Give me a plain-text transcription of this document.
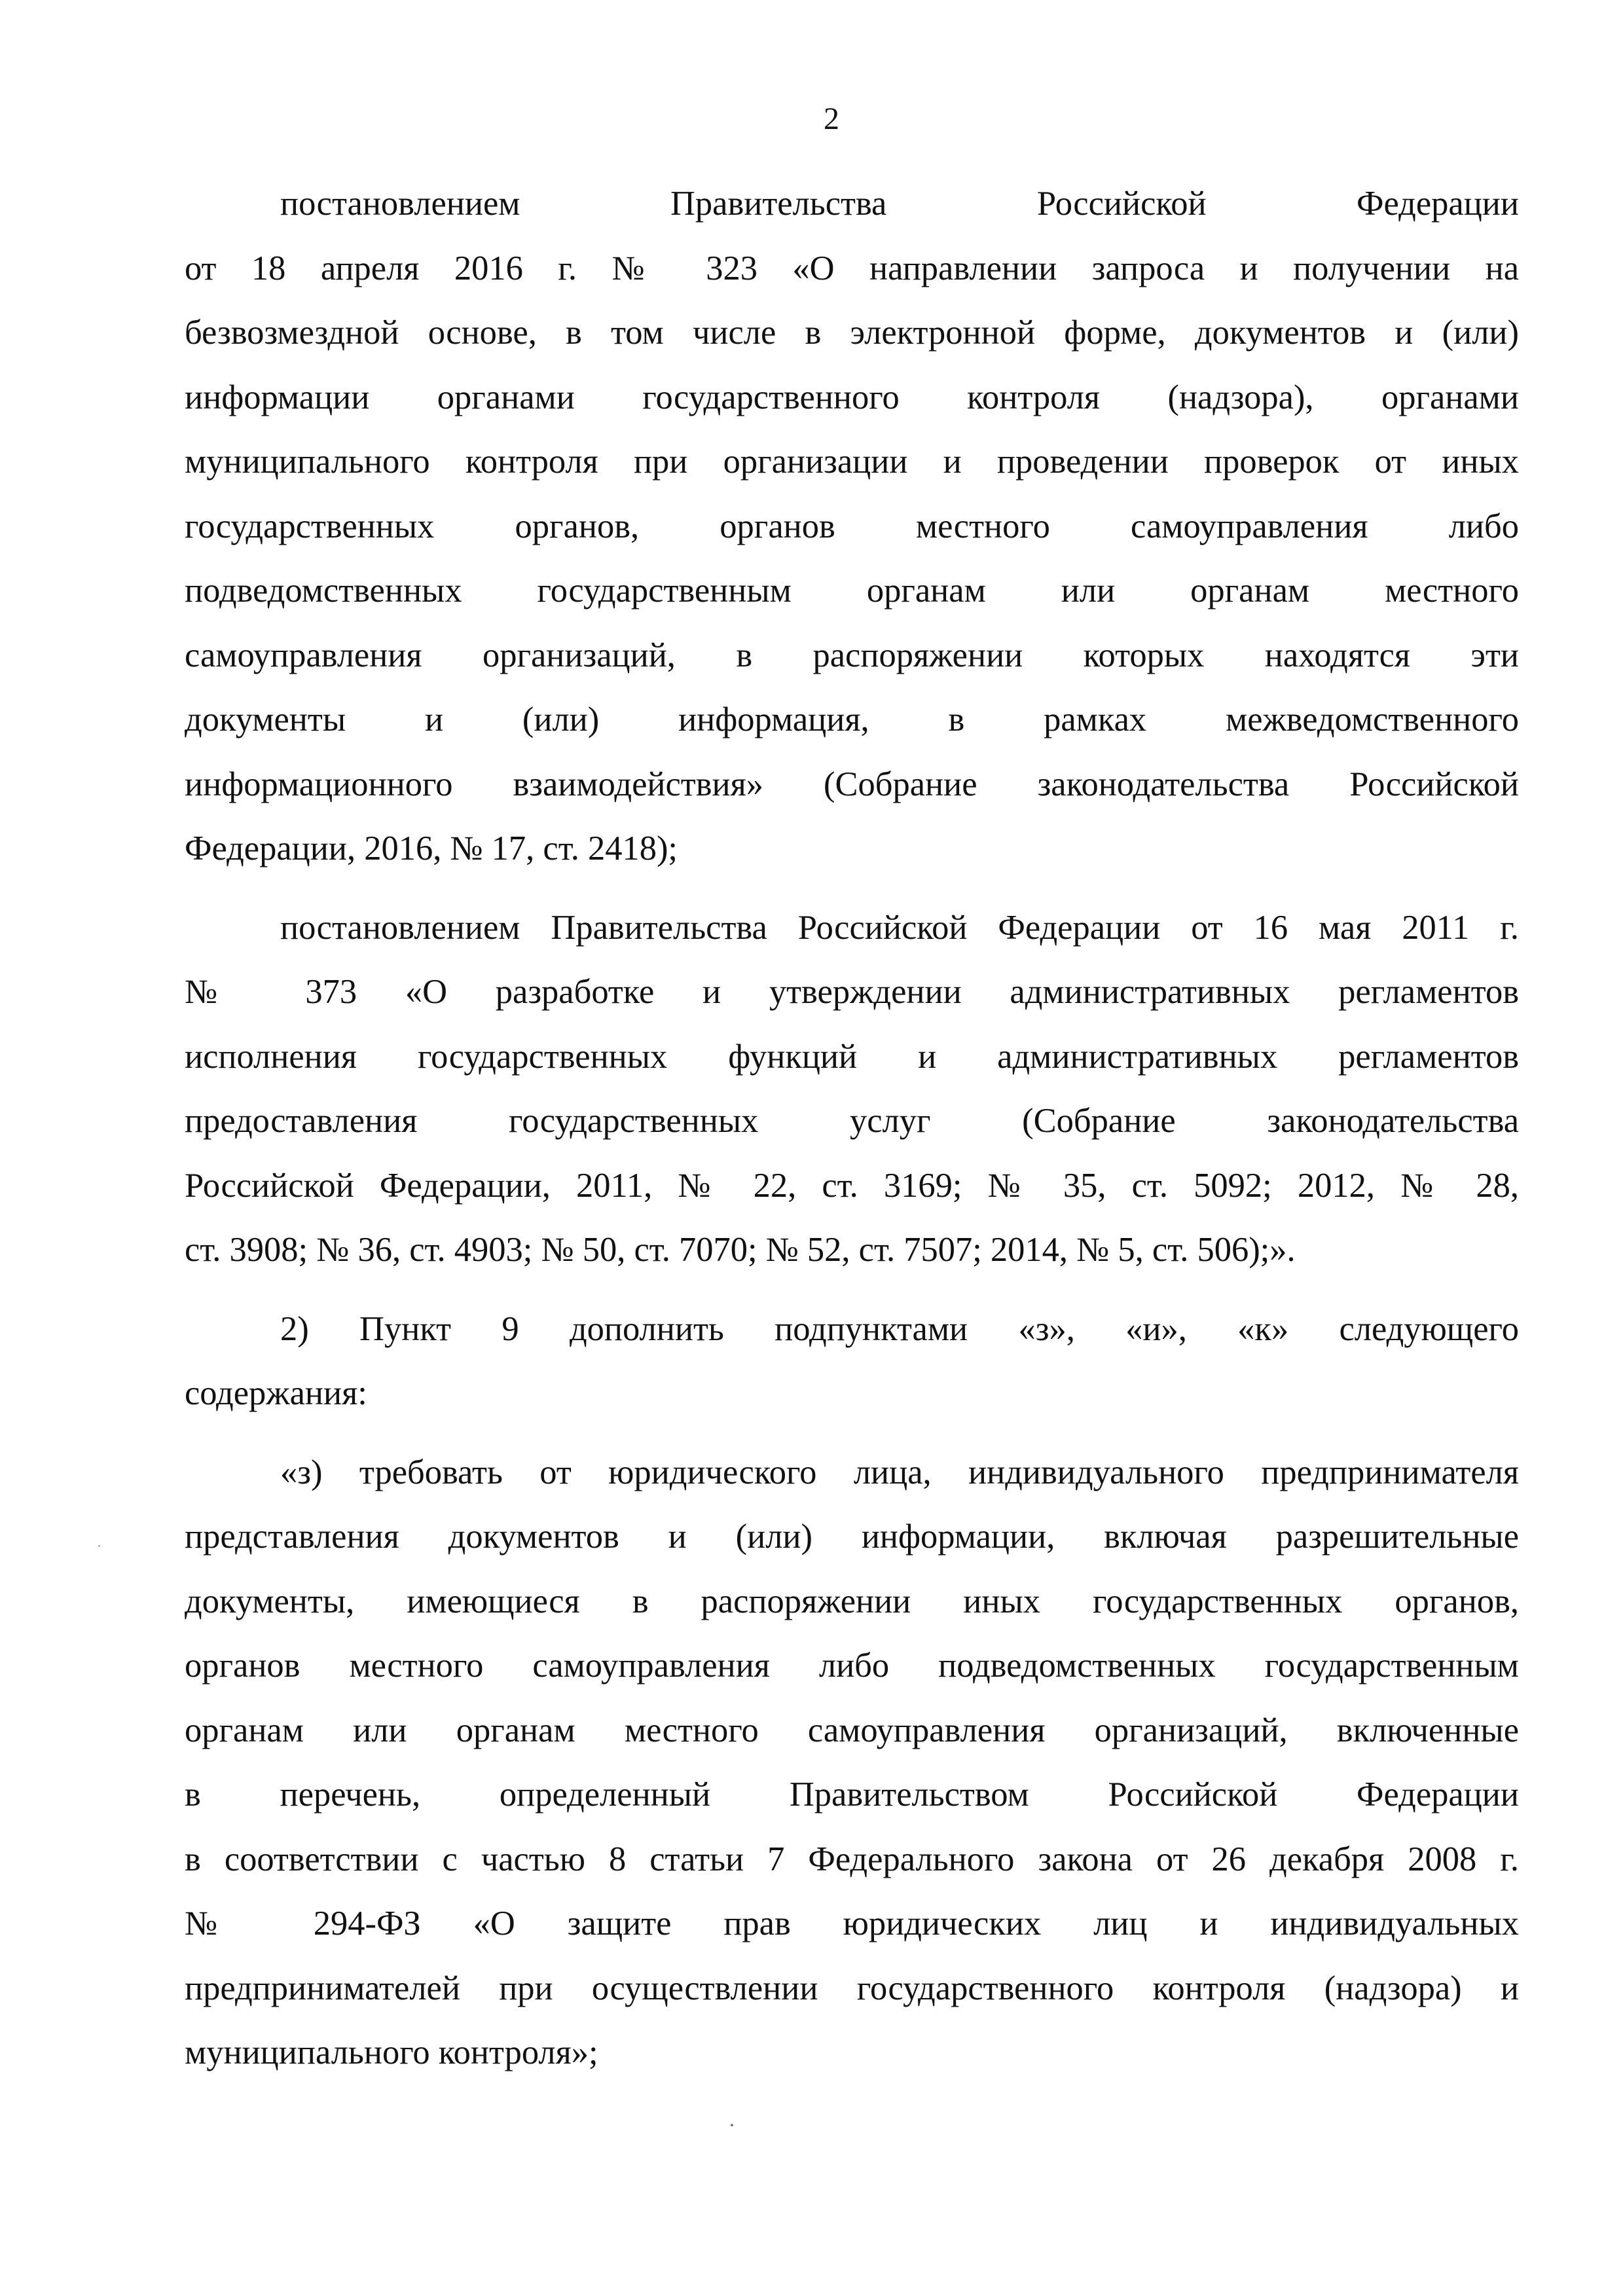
2
постановлением Правительства Российской Федерации
от 18 апреля 2016 г. № 323 «О направлении запроса и получении на
безвозмездной основе, в том числе в электронной форме, документов и (или)
информации органами государственного контроля (надзора), органами
муниципального контроля при организации и проведении проверок от иных
государственных органов, органов местного самоуправления либо
подведомственных государственным органам или органам местного
самоуправления организаций, в распоряжении которых находятся эти
документы и (или) информация, в рамках межведомственного
информационного взаимодействия» (Собрание законодательства Российской
Федерации, 2016, № 17, ст. 2418);
постановлением Правительства Российской Федерации от 16 мая 2011 г.
№ 373 «О разработке и утверждении административных регламентов
исполнения государственных функций и административных регламентов
предоставления государственных услуг (Собрание законодательства
Российской Федерации, 2011, № 22, ст. 3169; № 35, ст. 5092; 2012, № 28,
ст. 3908; № 36, ст. 4903; № 50, ст. 7070; № 52, ст. 7507; 2014, № 5, ст. 506);».
2) Пункт 9 дополнить подпунктами «з», «и», «к» следующего
содержания:
«з) требовать от юридического лица, индивидуального предпринимателя
представления документов и (или) информации, включая разрешительные
документы, имеющиеся в распоряжении иных государственных органов,
органов местного самоуправления либо подведомственных государственным
органам или органам местного самоуправления организаций, включенные
в перечень, определенный Правительством Российской Федерации
в соответствии с частью 8 статьи 7 Федерального закона от 26 декабря 2008 г.
№ 294-ФЗ «О защите прав юридических лиц и индивидуальных
предпринимателей при осуществлении государственного контроля (надзора) и
муниципального контроля»;
